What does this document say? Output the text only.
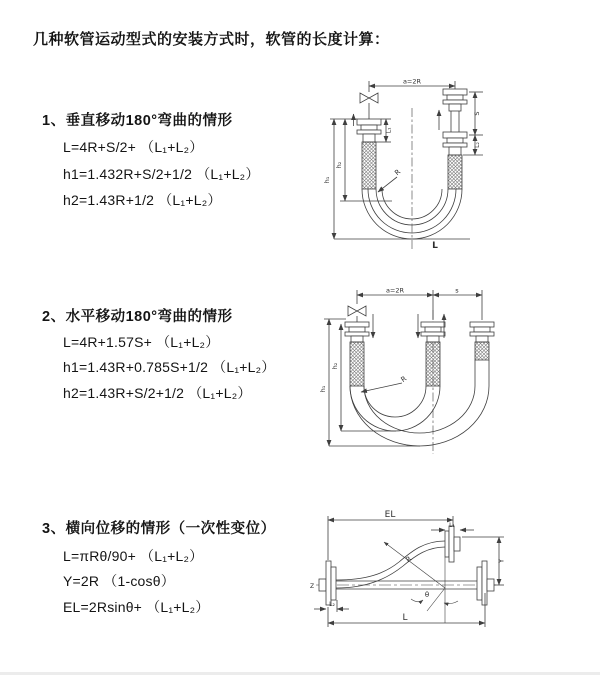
几种软管运动型式的安装方式时，软管的长度计算：
1、垂直移动180°弯曲的情形
L=4R+S/2+ （L₁+L₂）
h1=1.432R+S/2+1/2 （L₁+L₂）
h2=1.43R+1/2 （L₁+L₂）
a=2R
S
L₂
h₁
h₂
L₁
R
L
2、水平移动180°弯曲的情形
L=4R+1.57S+ （L₁+L₂）
h1=1.43R+0.785S+1/2 （L₁+L₂）
h2=1.43R+S/2+1/2 （L₁+L₂）
a=2R	s
h₁
h₂
R
3、横向位移的情形（一次性变位）
L=πRθ/90+ （L₁+L₂）
Y=2R （1-cosθ）
EL=2Rsinθ+ （L₁+L₂）
EL
L₁
Y
R
θ
L
L₂
Z
